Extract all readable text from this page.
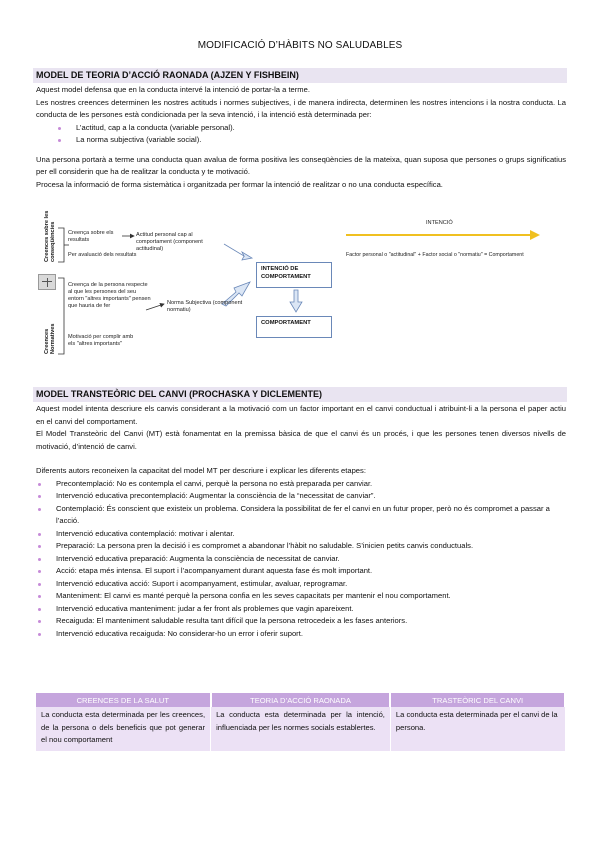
MODIFICACIÓ D’HÀBITS NO SALUDABLES
MODEL DE TEORIA D’ACCIÓ RAONADA (AJZEN Y FISHBEIN)

Aquest model defensa que en la conducta intervé la intenció de portar-la a terme.

Les nostres creences determinen les nostres actituds i normes subjectives, i de manera indirecta, determinen les nostres intencions i la nostra conducta. La conducta de les persones està condicionada per la seva intenció, i la intenció està determinada per:

L’actitud, cap a la conducta (variable personal).
La norma subjectiva (variable social).

Una persona portarà a terme una conducta quan avalua de forma positiva les conseqüències de la mateixa, quan suposa que persones o grups significatius per ell considerin que ha de realitzar la conducta y te motivació.

Procesa la informació de forma sistemàtica i organitzada per formar la intenció de realitzar o no una conducta específica.

Creences sobre les conseqüències
Creences Normatives
Creença sobre els resultats
Per avaluació dels resultats
Creença de la persona respecte al que les persones del seu entorn "altres importants" pensen que hauria de fer
Motivació per complir amb els "altres importants"
Actitud personal cap al comportament (component actitudinal)
Norma Subjectiva (component normatiu)
INTENCIÓ DE COMPORTAMENT
COMPORTAMENT
INTENCIÓ
Factor personal o "actitudinal" + Factor social o "normatiu" = Comportament
MODEL TRANSTEÒRIC DEL CANVI (PROCHASKA Y DICLEMENTE)

Aquest model intenta descriure els canvis considerant a la motivació com un factor important en el canvi conductual i atribuint-li a la persona el paper actiu en el canvi del comportament.

El Model Transteòric del Canvi (MT) està fonamentat en la premissa bàsica de que el canvi és un procés, i que les persones tenen diversos nivells de motivació, d’intenció de canvi.

Diferents autors reconeixen la capacitat del model MT per descriure i explicar les diferents etapes:

Precontemplació: No es contempla el canvi, perquè la persona no està preparada per canviar.
Intervenció educativa precontemplació: Augmentar la consciència de la “necessitat de canviar”.
Contemplació: És conscient que existeix un problema. Considera la possibilitat de fer el canvi en un futur proper, però no és compromet a passar a l’acció.
Intervenció educativa contemplació: motivar i alentar.
Preparació: La persona pren la decisió i es compromet a abandonar l’hàbit no saludable. S’inicien petits canvis conductuals.
Intervenció educativa preparació: Augmenta la consciència de necessitat de canviar.
Acció: etapa més intensa. El suport i l’acompanyament durant aquesta fase és molt important.
Intervenció educativa acció: Suport i acompanyament, estimular, avaluar, reprogramar.
Manteniment: El canvi es manté perquè la persona confia en les seves capacitats per mantenir el nou comportament.
Intervenció educativa manteniment: judar a fer front als problemes que vagin apareixent.
Recaiguda: El manteniment saludable resulta tant difícil que la persona retrocedeix a les fases anteriors.
Intervenció educativa recaiguda: No considerar-ho un error i oferir suport.
CREENCES DE LA SALUT	TEORIA D’ACCIÓ RAONADA	TRASTEÒRIC DEL CANVI
La conducta esta determinada per les creences, de la persona o dels beneficis que pot generar el nou comportament	La conducta esta determinada per la intenció, influenciada per les normes socials establertes.	La conducta esta determinada per el canvi de la persona.
